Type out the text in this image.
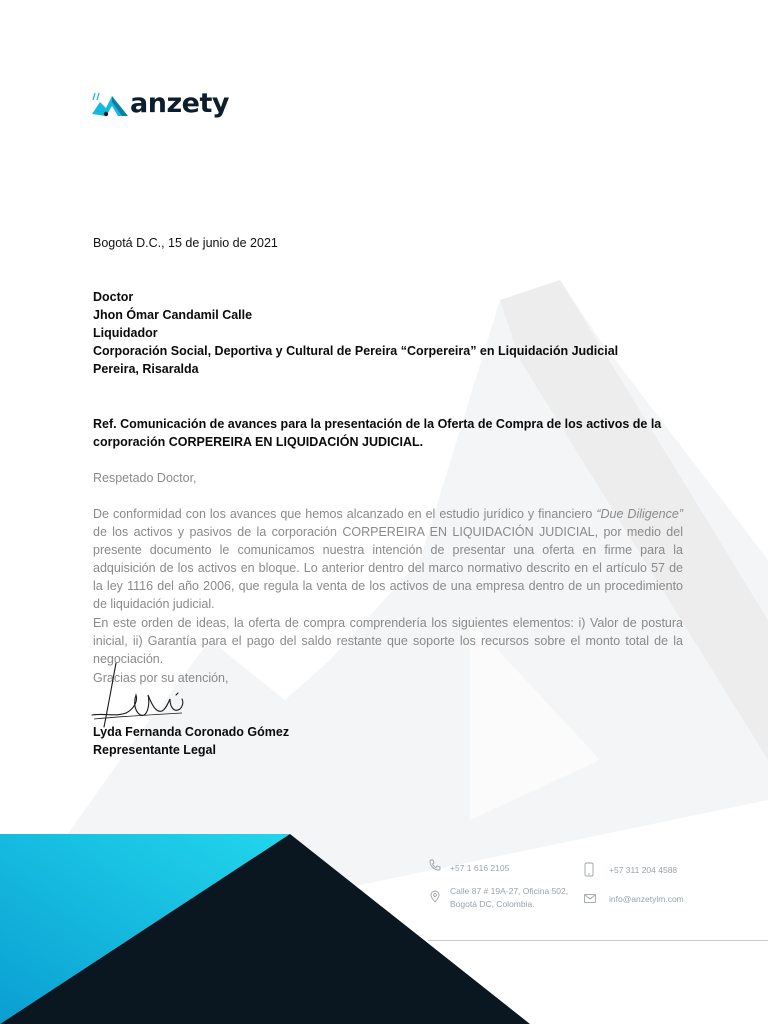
anzety

Bogotá D.C., 15 de junio de 2021

Doctor
Jhon Ómar Candamil Calle
Liquidador
Corporación Social, Deportiva y Cultural de Pereira “Corpereira” en Liquidación Judicial
Pereira, Risaralda

Ref. Comunicación de avances para la presentación de la Oferta de Compra de los activos de la corporación CORPEREIRA EN LIQUIDACIÓN JUDICIAL.

Respetado Doctor,

De conformidad con los avances que hemos alcanzado en el estudio jurídico y financiero “Due Diligence” de los activos y pasivos de la corporación CORPEREIRA EN LIQUIDACIÓN JUDICIAL, por medio del presente documento le comunicamos nuestra intención de presentar una oferta en firme para la adquisición de los activos en bloque. Lo anterior dentro del marco normativo descrito en el artículo 57 de la ley 1116 del año 2006, que regula la venta de los activos de una empresa dentro de un procedimiento de liquidación judicial.

En este orden de ideas, la oferta de compra comprendería los siguientes elementos: i) Valor de postura inicial, ii) Garantía para el pago del saldo restante que soporte los recursos sobre el monto total de la negociación.

Gracias por su atención,

Lyda Fernanda Coronado Gómez
Representante Legal
+57 1 616 2105
Calle 87 # 19A-27, Oficina 502, Bogotá DC, Colombia.
+57 311 204 4588
info@anzetylm.com
